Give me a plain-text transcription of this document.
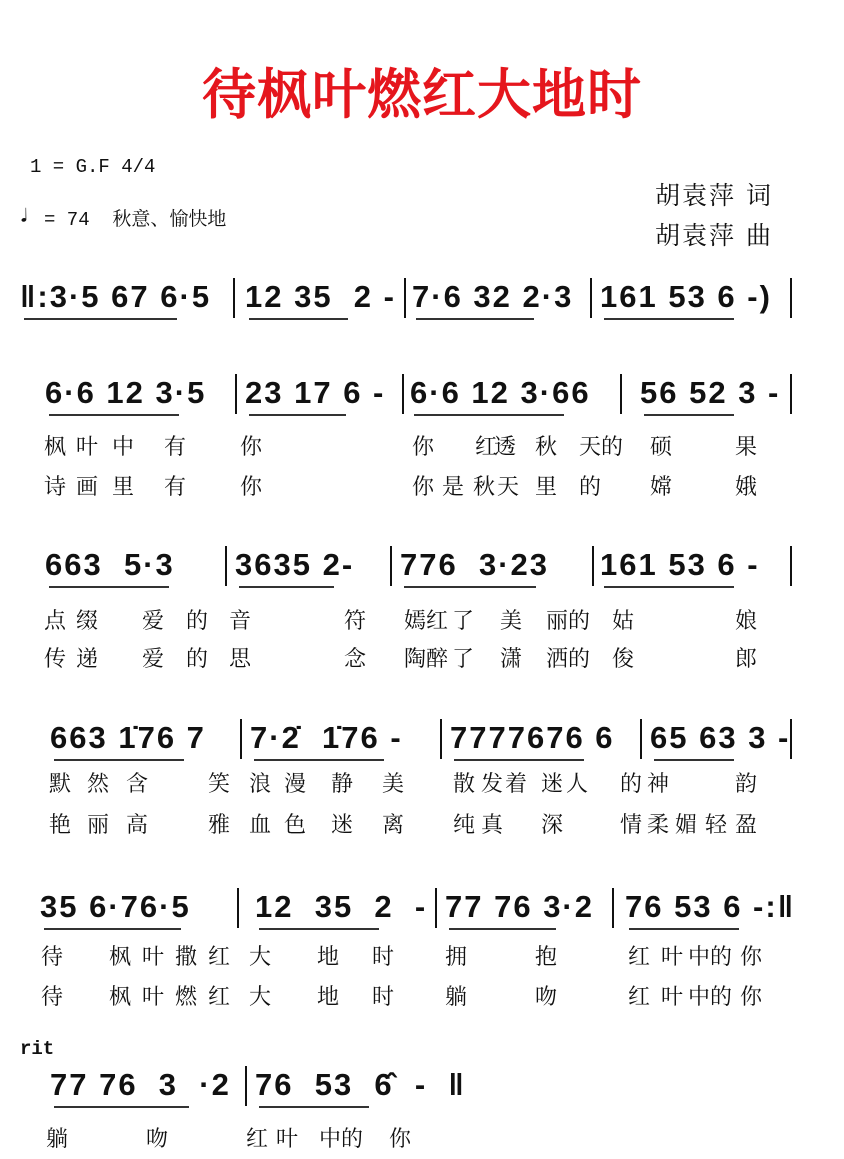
待枫叶燃红大地时
1 = G.F 4/4
♩ = 74  秋意、愉快地
胡袁萍 词
胡袁萍 曲
rit
‖:3·5 67 6·5 12 35  2 - 7·6 32 2·3 161 53 6 -)
6·6 12 3·5 23 17 6 - 6·6 12 3·66 56 52 3 -
枫 叶 中 有 你	你 红
透 秋 天 的 硕	果
诗 画 里 有 你	你 是 秋 天 里 的 嫦	娥
663  5·3 3635 2- 776  3·23 161 53 6 -
点 缀 爱 的 音	符 嫣 红 了 美 丽 的 姑	娘
传 递 爱 的 思	念 陶 醉 了 潇 洒 的 俊	郎
663 1̇76 7 7·2̇  1̇76 - 7777676 6 65 63 3 -
默 然 含	笑 浪 漫 静 美 散 发 着 迷 人 的 神	韵
艳 丽 高	雅 血 色 迷 离 纯 真 深	情 柔 媚 轻 盈
35 6·76·5 12  35  2  - 77 76 3·2 76 53 6 -:‖
待 枫 叶 撒 红 大 地 时 拥	抱	红 叶 中 的 你
待 枫 叶 燃 红 大 地 时 躺	吻	红 叶 中 的 你
77 76  3  ·2 76  53  6̂  -  ‖
躺	吻	红 叶 中 的 你
